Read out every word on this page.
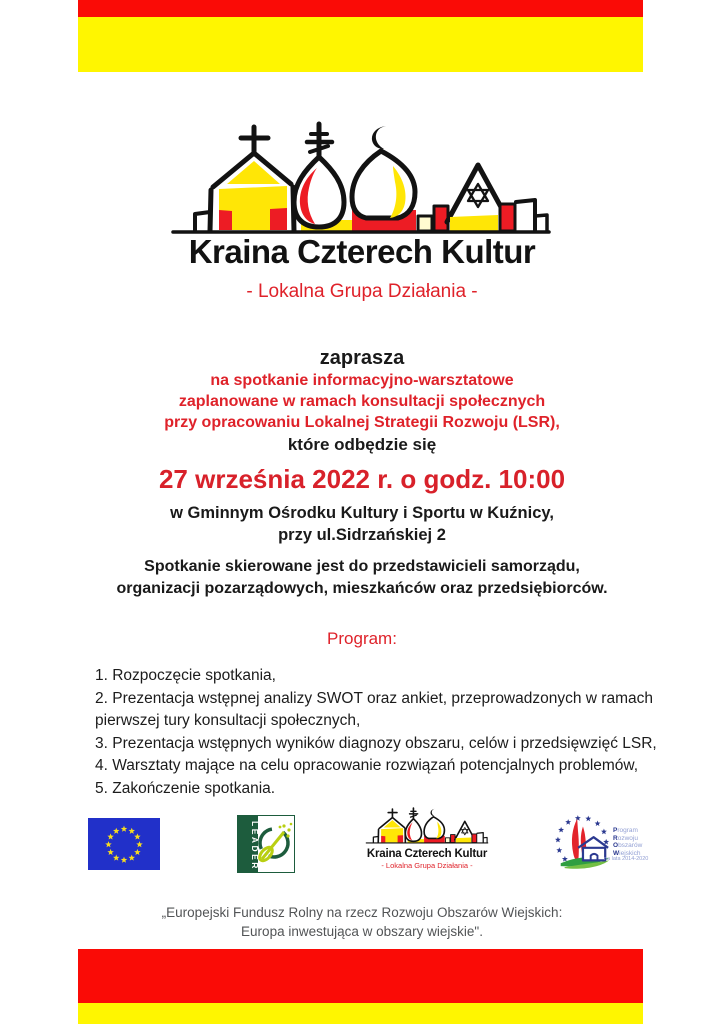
Kraina Czterech Kultur
- Lokalna Grupa Działania -
zaprasza
na spotkanie informacyjno-warsztatowe
zaplanowane w ramach konsultacji społecznych
przy opracowaniu Lokalnej Strategii Rozwoju (LSR),
które odbędzie się
27 września 2022 r. o godz. 10:00
w Gminnym Ośrodku Kultury i Sportu w Kuźnicy,
przy ul.Sidrzańskiej 2
Spotkanie skierowane jest do przedstawicieli samorządu,
organizacji pozarządowych, mieszkańców oraz przedsiębiorców.
Program:
1. Rozpoczęcie spotkania,
2. Prezentacja wstępnej analizy SWOT oraz ankiet, przeprowadzonych w ramach
pierwszej tury konsultacji społecznych,
3. Prezentacja wstępnych wyników diagnozy obszaru, celów i przedsięwzięć LSR,
4. Warsztaty mające na celu opracowanie rozwiązań potencjalnych problemów,
5. Zakończenie spotkania.
LEADER	Kraina Czterech Kultur
- Lokalna Grupa Działania -
Program
Rozwoju
Obszarów
Wiejskich
na lata 2014-2020
„Europejski Fundusz Rolny na rzecz Rozwoju Obszarów Wiejskich:
Europa inwestująca w obszary wiejskie".
